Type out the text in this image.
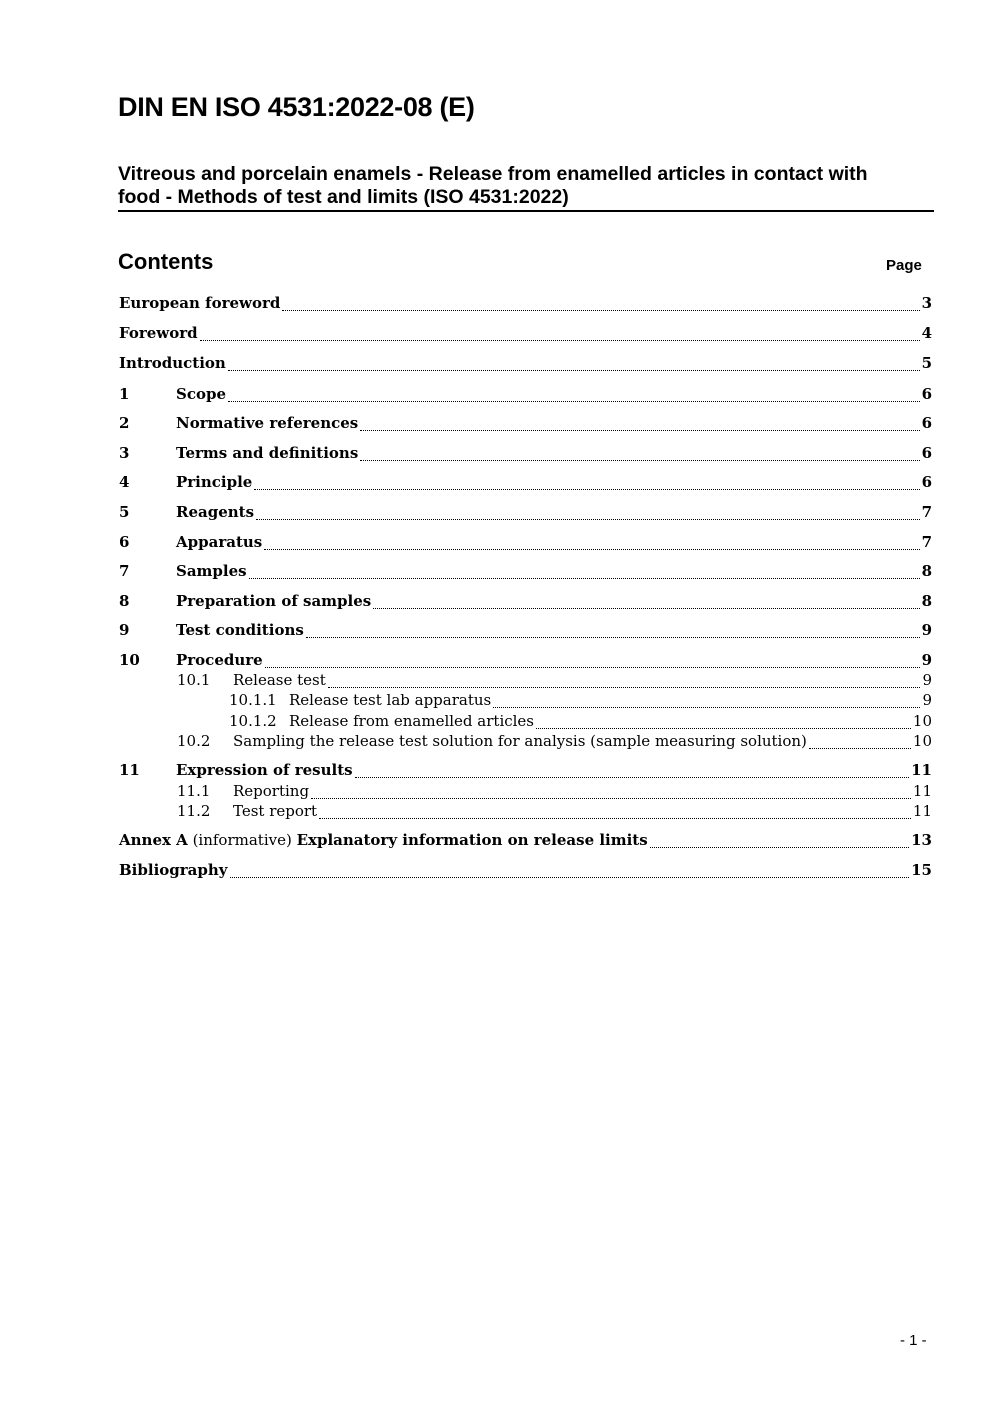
DIN EN ISO 4531:2022-08 (E)
Vitreous and porcelain enamels - Release from enamelled articles in contact with
food - Methods of test and limits (ISO 4531:2022)
Contents	Page
European foreword	3
Foreword	4
Introduction	5
1	Scope	6
2	Normative references	6
3	Terms and definitions	6
4	Principle	6
5	Reagents	7
6	Apparatus	7
7	Samples	8
8	Preparation of samples	8
9	Test conditions	9
10	Procedure	9
10.1	Release test	9
10.1.1 Release test lab apparatus	9
10.1.2 Release from enamelled articles	10
10.2	Sampling the release test solution for analysis (sample measuring solution)	10
11	Expression of results	11
11.1	Reporting	11
11.2	Test report	11
Annex A (informative) Explanatory information on release limits	13
Bibliography	15
- 1 -
